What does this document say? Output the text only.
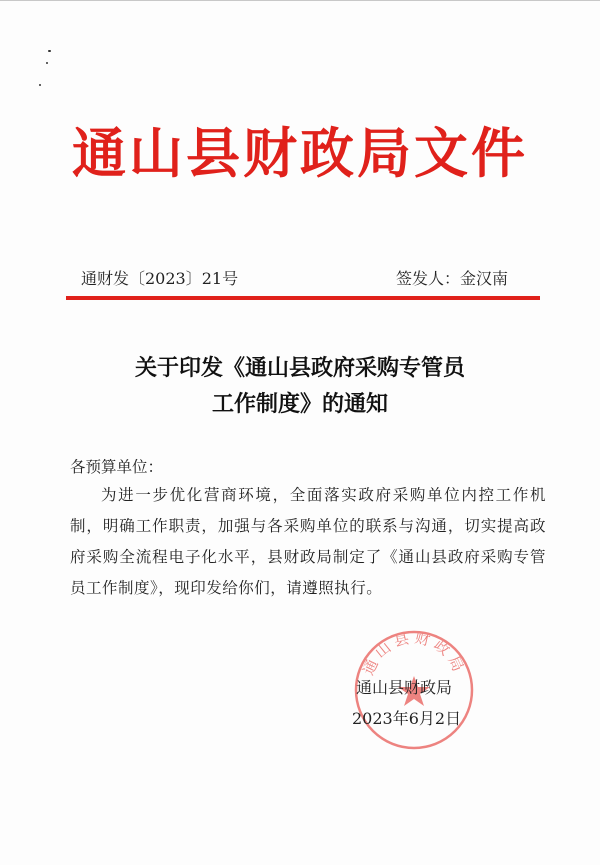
通山县财政局文件
通财发〔2023〕21号	签发人：金汉南
关于印发《通山县政府采购专管员
工作制度》的通知
各预算单位：
为进一步优化营商环境，全面落实政府采购单位内控工作机制，明确工作职责，加强与各采购单位的联系与沟通，切实提高政府采购全流程电子化水平，县财政局制定了《通山县政府采购专管员工作制度》，现印发给你们，请遵照执行。
通山县财政局
通山县财政局
2023年6月2日
